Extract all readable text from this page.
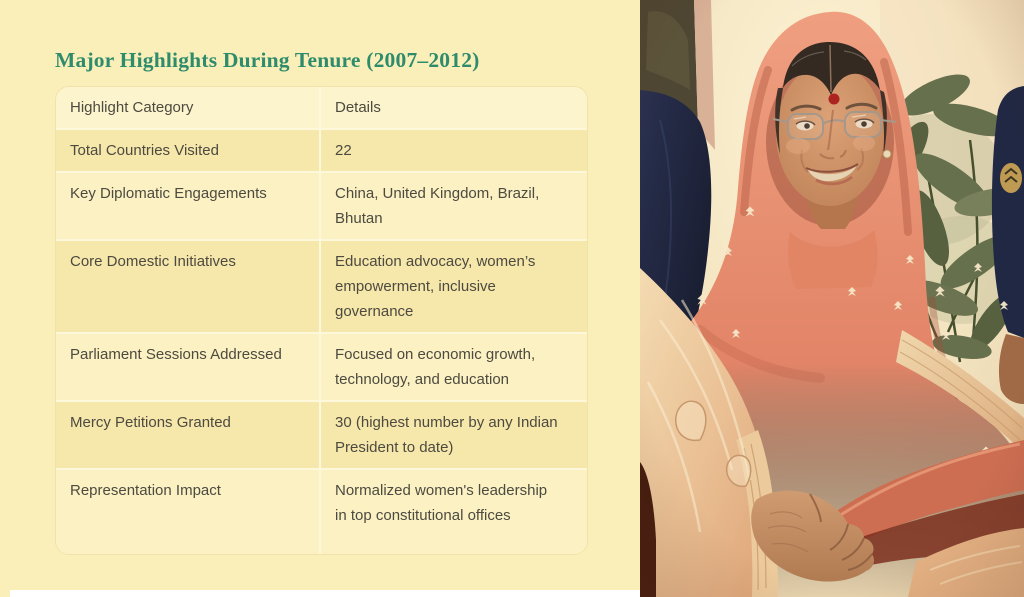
Major Highlights During Tenure (2007–2012)
Highlight Category	Details
Total Countries Visited	22
Key Diplomatic Engagements	China, United Kingdom, Brazil, Bhutan
Core Domestic Initiatives	Education advocacy, women’s empowerment, inclusive governance
Parliament Sessions Addressed	Focused on economic growth, technology, and education
Mercy Petitions Granted	30 (highest number by any Indian President to date)
Representation Impact	Normalized women's leadership in top constitutional offices
